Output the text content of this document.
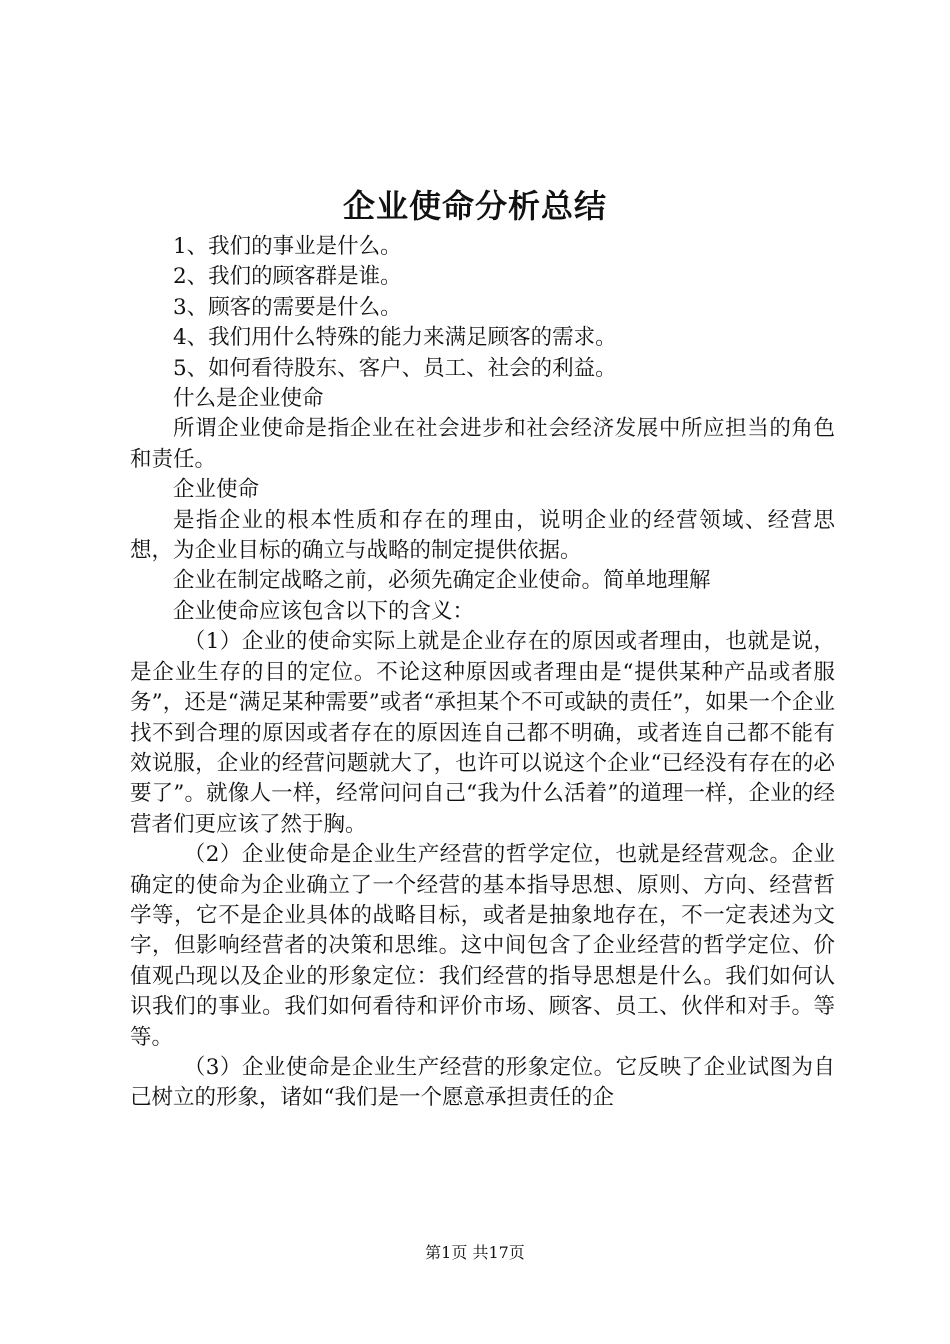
企业使命分析总结

1、我们的事业是什么。

2、我们的顾客群是谁。

3、顾客的需要是什么。

4、我们用什么特殊的能力来满足顾客的需求。

5、如何看待股东、客户、员工、社会的利益。

什么是企业使命

所谓企业使命是指企业在社会进步和社会经济发展中所应担当的角色和责任。

企业使命

是指企业的根本性质和存在的理由，说明企业的经营领域、经营思想，为企业目标的确立与战略的制定提供依据。

企业在制定战略之前，必须先确定企业使命。简单地理解

企业使命应该包含以下的含义：

（1）企业的使命实际上就是企业存在的原因或者理由，也就是说，是企业生存的目的定位。不论这种原因或者理由是“提供某种产品或者服务”，还是“满足某种需要”或者“承担某个不可或缺的责任”，如果一个企业找不到合理的原因或者存在的原因连自己都不明确，或者连自己都不能有效说服，企业的经营问题就大了，也许可以说这个企业“已经没有存在的必要了”。就像人一样，经常问问自己“我为什么活着”的道理一样，企业的经营者们更应该了然于胸。

（2）企业使命是企业生产经营的哲学定位，也就是经营观念。企业确定的使命为企业确立了一个经营的基本指导思想、原则、方向、经营哲学等，它不是企业具体的战略目标，或者是抽象地存在，不一定表述为文字，但影响经营者的决策和思维。这中间包含了企业经营的哲学定位、价值观凸现以及企业的形象定位：我们经营的指导思想是什么。我们如何认识我们的事业。我们如何看待和评价市场、顾客、员工、伙伴和对手。等等。

（3）企业使命是企业生产经营的形象定位。它反映了企业试图为自己树立的形象，诸如“我们是一个愿意承担责任的企

第1页 共17页
